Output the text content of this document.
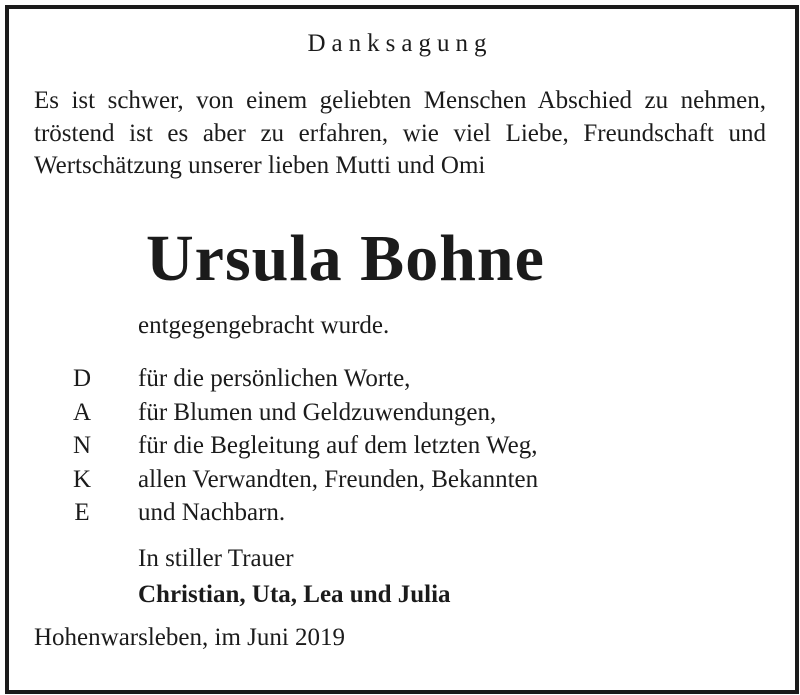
Danksagung
Es ist schwer, von einem geliebten Menschen Abschied zu nehmen, tröstend ist es aber zu erfahren, wie viel Liebe, Freundschaft und Wertschätzung unserer lieben Mutti und Omi
Ursula Bohne
entgegengebracht wurde.
D
A
N
K
E
für die persönlichen Worte,
für Blumen und Geldzuwendungen,
für die Begleitung auf dem letzten Weg,
allen Verwandten, Freunden, Bekannten
und Nachbarn.
In stiller Trauer
Christian, Uta, Lea und Julia
Hohenwarsleben, im Juni 2019
